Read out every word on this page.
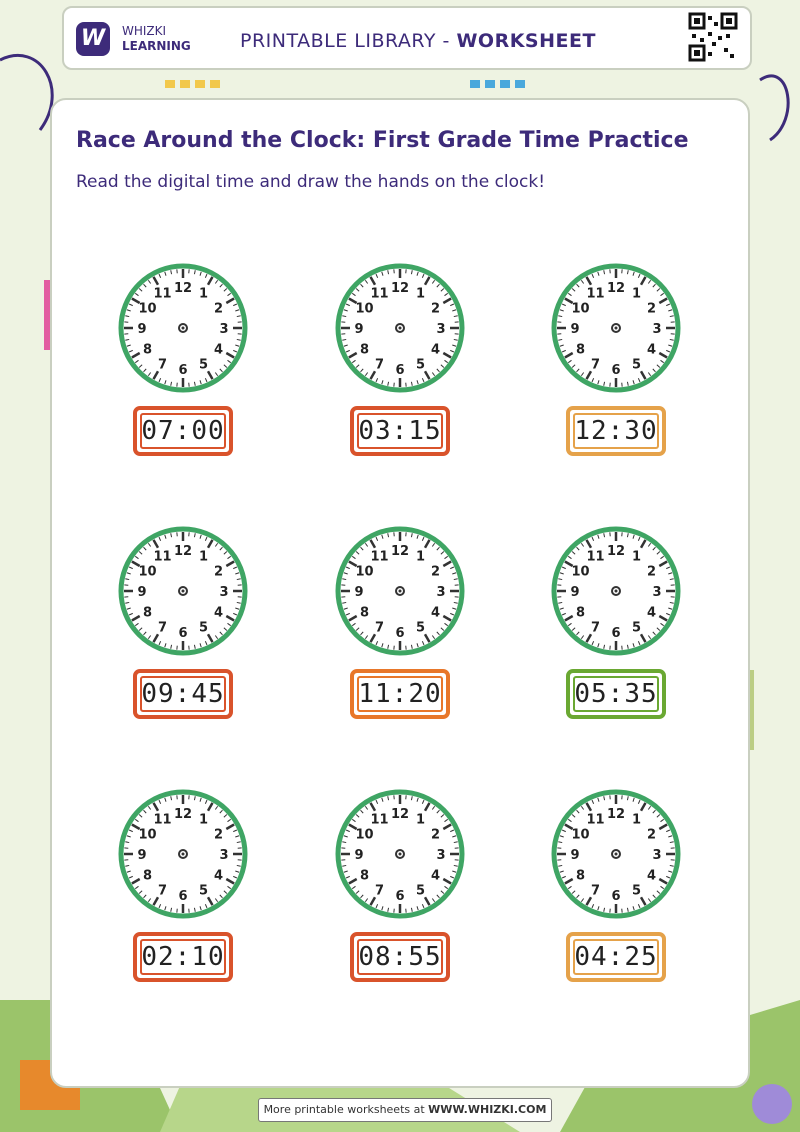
W	WHIZKI
LEARNING	PRINTABLE LIBRARY - WORKSHEET
Race Around the Clock: First Grade Time Practice
Read the digital time and draw the hands on the clock!
12 1
2
3
4
5
6
7
8
9
10
11
07:00
12 1
2
3
4
5
6
7
8
9
10
11
03:15
12 1
2
3
4
5
6
7
8
9
10
11
12:30
12 1
2
3
4
5
6
7
8
9
10
11
09:45
12 1
2
3
4
5
6
7
8
9
10
11
11:20
12 1
2
3
4
5
6
7
8
9
10
11
05:35
12 1
2
3
4
5
6
7
8
9
10
11
02:10
12 1
2
3
4
5
6
7
8
9
10
11
08:55
12 1
2
3
4
5
6
7
8
9
10
11
04:25
More printable worksheets at WWW.WHIZKI.COM
